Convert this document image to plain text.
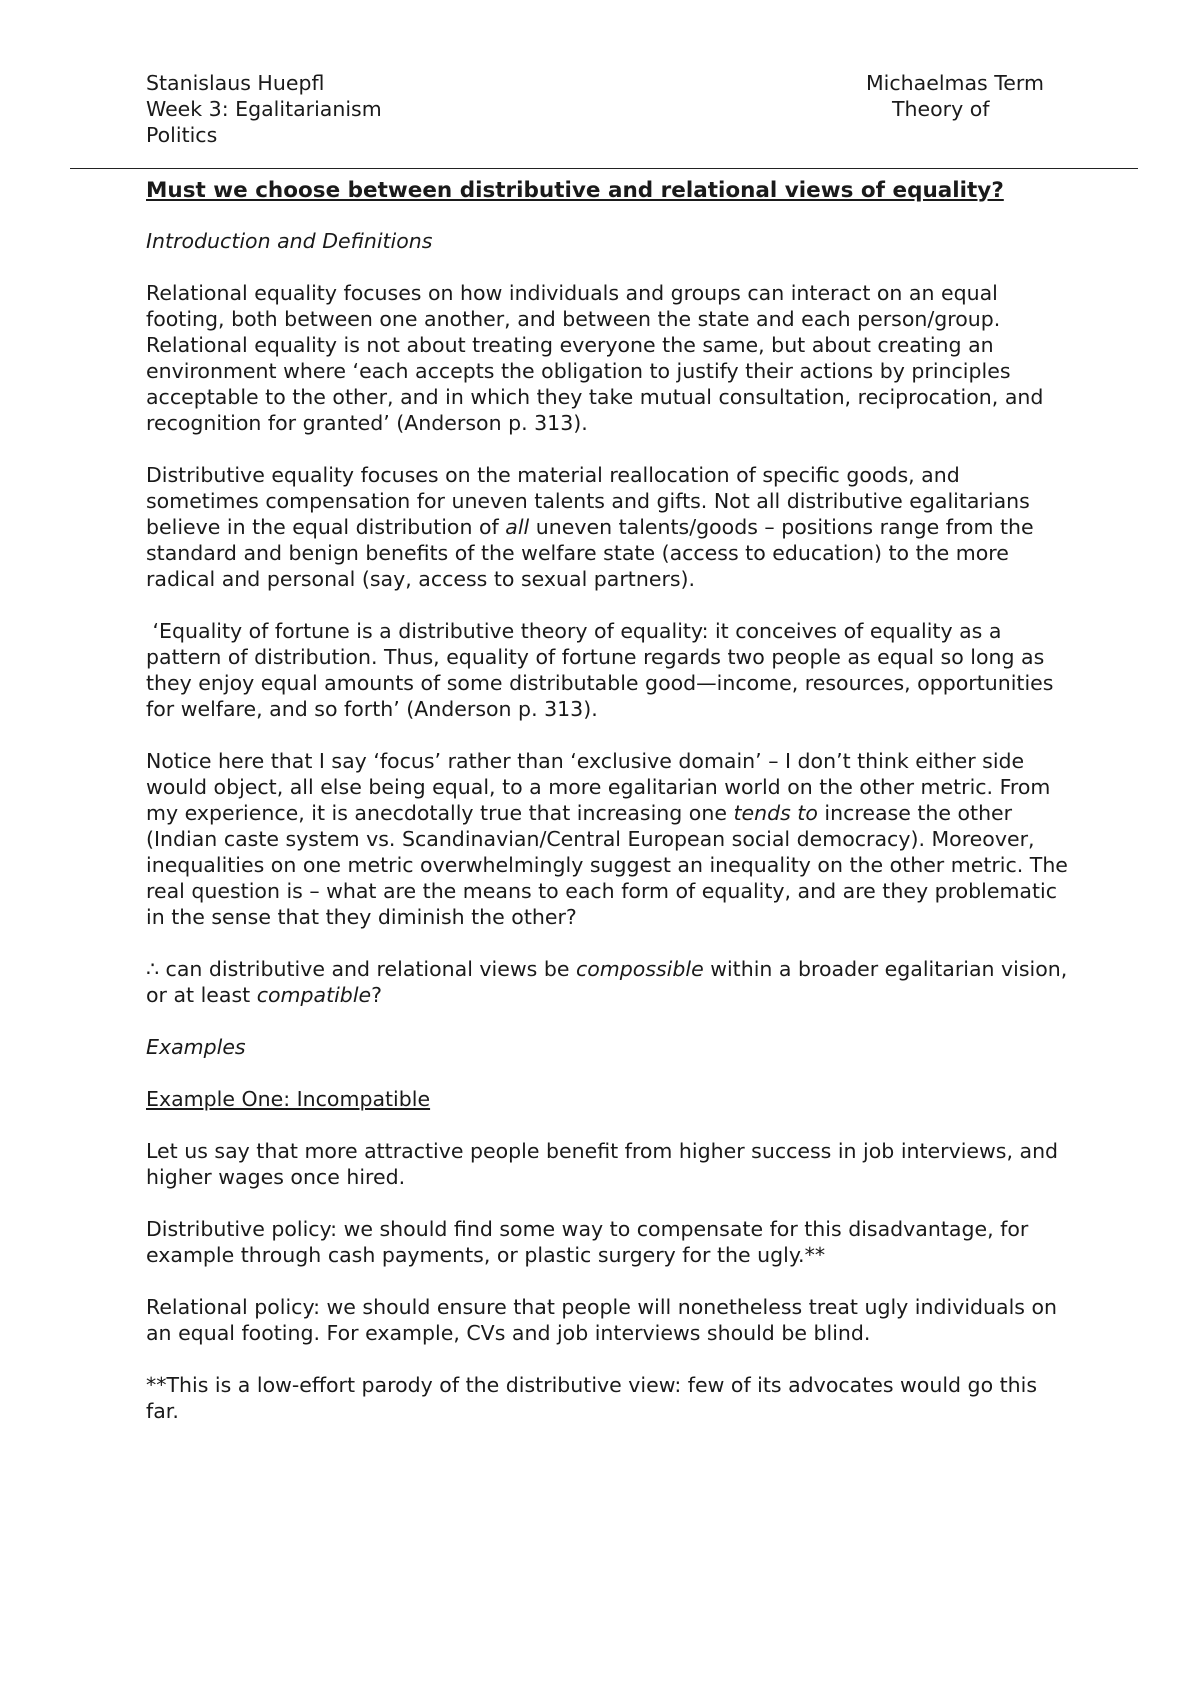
Stanislaus Huepfl
Week 3: Egalitarianism
Politics
Michaelmas Term
Theory of
Must we choose between distributive and relational views of equality?
Introduction and Definitions

Relational equality focuses on how individuals and groups can interact on an equal footing, both between one another, and between the state and each person/group. Relational equality is not about treating everyone the same, but about creating an environment where ‘each accepts the obligation to justify their actions by principles acceptable to the other, and in which they take mutual consultation, reciprocation, and recognition for granted’ (Anderson p. 313).

Distributive equality focuses on the material reallocation of specific goods, and sometimes compensation for uneven talents and gifts. Not all distributive egalitarians believe in the equal distribution of all uneven talents/goods – positions range from the standard and benign benefits of the welfare state (access to education) to the more radical and personal (say, access to sexual partners).

‘Equality of fortune is a distributive theory of equality: it conceives of equality as a pattern of distribution. Thus, equality of fortune regards two people as equal so long as they enjoy equal amounts of some distributable good—income, resources, opportunities for welfare, and so forth’ (Anderson p. 313).

Notice here that I say ‘focus’ rather than ‘exclusive domain’ – I don’t think either side would object, all else being equal, to a more egalitarian world on the other metric. From my experience, it is anecdotally true that increasing one tends to increase the other (Indian caste system vs. Scandinavian/Central European social democracy). Moreover, inequalities on one metric overwhelmingly suggest an inequality on the other metric. The real question is – what are the means to each form of equality, and are they problematic in the sense that they diminish the other?

∴ can distributive and relational views be compossible within a broader egalitarian vision, or at least compatible?

Examples
Example One: Incompatible

Let us say that more attractive people benefit from higher success in job interviews, and higher wages once hired.

Distributive policy: we should find some way to compensate for this disadvantage, for example through cash payments, or plastic surgery for the ugly.**

Relational policy: we should ensure that people will nonetheless treat ugly individuals on an equal footing. For example, CVs and job interviews should be blind.

**This is a low-effort parody of the distributive view: few of its advocates would go this far.
